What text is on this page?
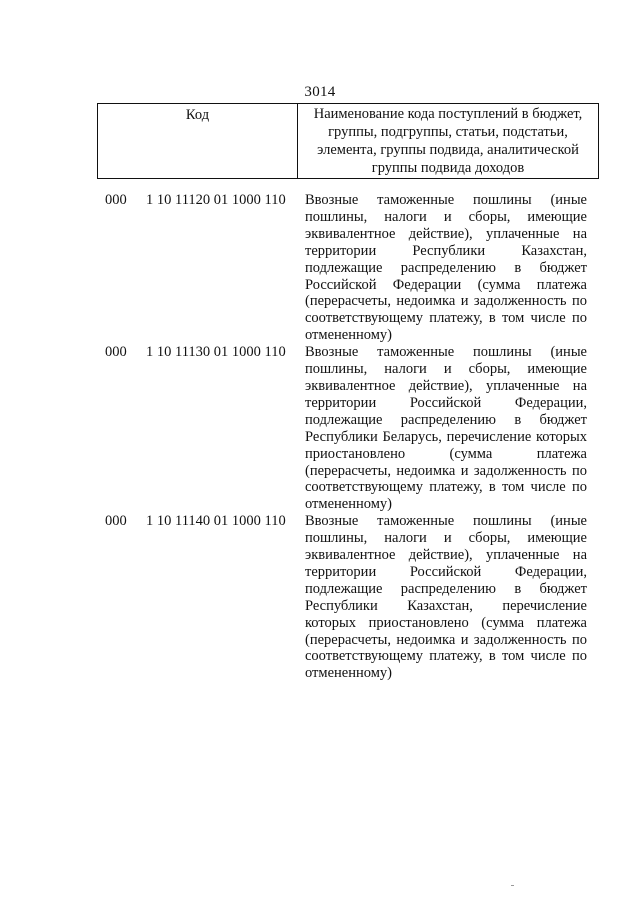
3014
Код	Наименование кода поступлений в бюджет, группы, подгруппы, статьи, подстатьи, элемента, группы подвида, аналитической группы подвида доходов
000 1 10 11120 01 1000 110 Ввозные таможенные пошлины (иные пошлины, налоги и сборы, имеющие эквивалентное действие), уплаченные на территории Республики Казахстан, подлежащие распределению в бюджет Российской Федерации (сумма платежа (перерасчеты, недоимка и задолженность по соответствующему платежу, в том числе по отмененному)
000 1 10 11130 01 1000 110 Ввозные таможенные пошлины (иные пошлины, налоги и сборы, имеющие эквивалентное действие), уплаченные на территории Российской Федерации, подлежащие распределению в бюджет Республики Беларусь, перечисление которых приостановлено (сумма платежа (перерасчеты, недоимка и задолженность по соответствующему платежу, в том числе по отмененному)
000 1 10 11140 01 1000 110 Ввозные таможенные пошлины (иные пошлины, налоги и сборы, имеющие эквивалентное действие), уплаченные на территории Российской Федерации, подлежащие распределению в бюджет Республики Казахстан, перечисление которых приостановлено (сумма платежа (перерасчеты, недоимка и задолженность по соответствующему платежу, в том числе по отмененному)
